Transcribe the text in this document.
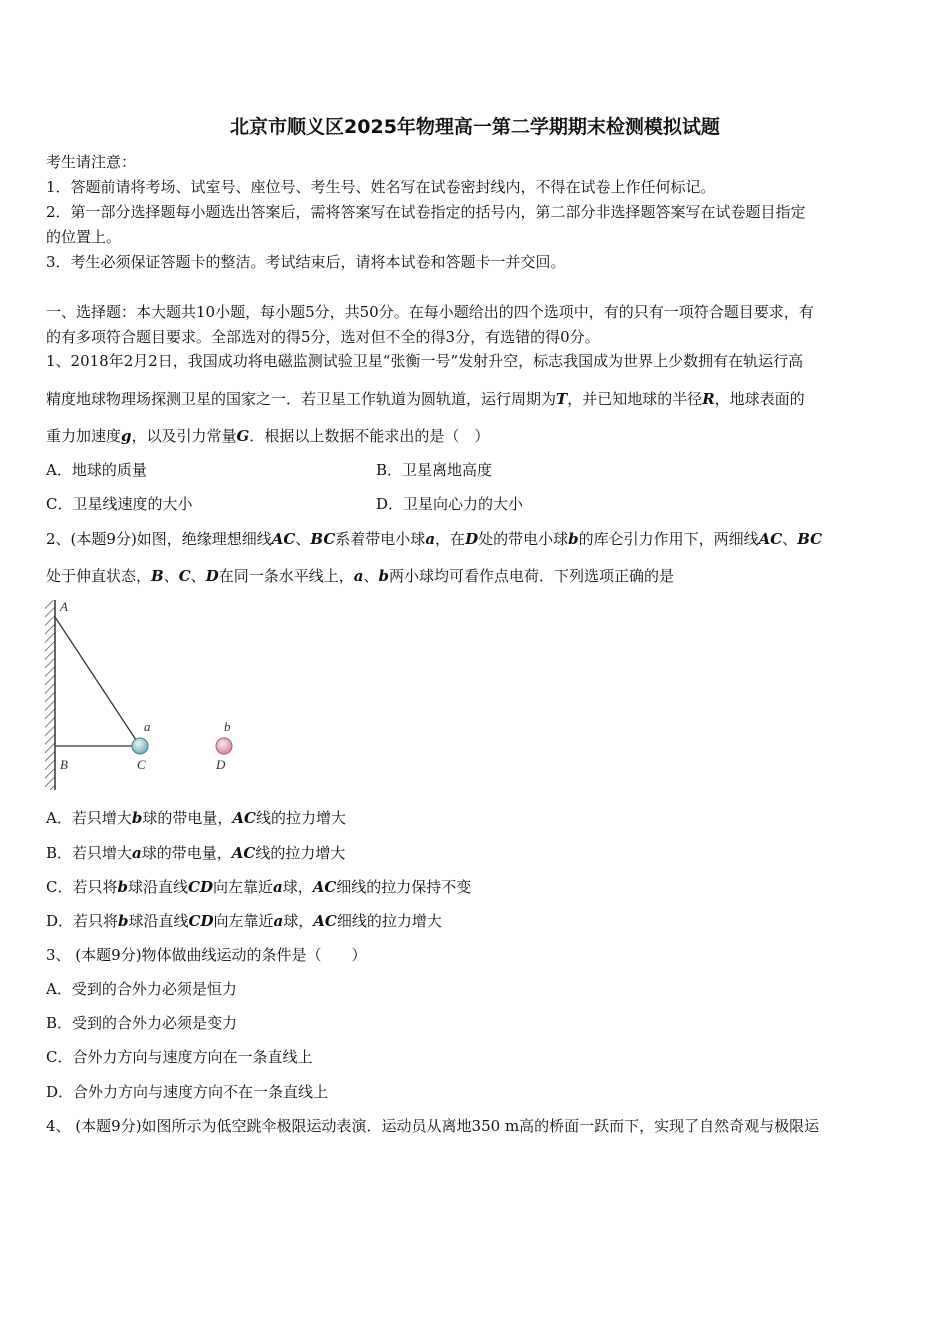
北京市顺义区2025年物理高一第二学期期末检测模拟试题
考生请注意：
1．答题前请将考场、试室号、座位号、考生号、姓名写在试卷密封线内，不得在试卷上作任何标记。
2．第一部分选择题每小题选出答案后，需将答案写在试卷指定的括号内，第二部分非选择题答案写在试卷题目指定
的位置上。
3．考生必须保证答题卡的整洁。考试结束后，请将本试卷和答题卡一并交回。
一、选择题：本大题共10小题，每小题5分，共50分。在每小题给出的四个选项中，有的只有一项符合题目要求，有
的有多项符合题目要求。全部选对的得5分，选对但不全的得3分，有选错的得0分。
1、2018年2月2日，我国成功将电磁监测试验卫星“张衡一号”发射升空，标志我国成为世界上少数拥有在轨运行高
精度地球物理场探测卫星的国家之一．若卫星工作轨道为圆轨道，运行周期为T，并已知地球的半径R，地球表面的
重力加速度g，以及引力常量G．根据以上数据不能求出的是（　）
A．地球的质量	B．卫星离地高度
C．卫星线速度的大小	D．卫星向心力的大小
2、(本题9分)如图，绝缘理想细线AC、BC系着带电小球a，在D处的带电小球b的库仑引力作用下，两细线AC、BC
处于伸直状态，B、C、D在同一条水平线上，a、b两小球均可看作点电荷．下列选项正确的是
A
B	C	D
a	b
A．若只增大b球的带电量，AC线的拉力增大
B．若只增大a球的带电量，AC线的拉力增大
C．若只将b球沿直线CD向左靠近a球，AC细线的拉力保持不变
D．若只将b球沿直线CD向左靠近a球，AC细线的拉力增大
3、 (本题9分)物体做曲线运动的条件是（　　）
A．受到的合外力必须是恒力
B．受到的合外力必须是变力
C．合外力方向与速度方向在一条直线上
D．合外力方向与速度方向不在一条直线上
4、 (本题9分)如图所示为低空跳伞极限运动表演．运动员从离地350 m高的桥面一跃而下，实现了自然奇观与极限运
